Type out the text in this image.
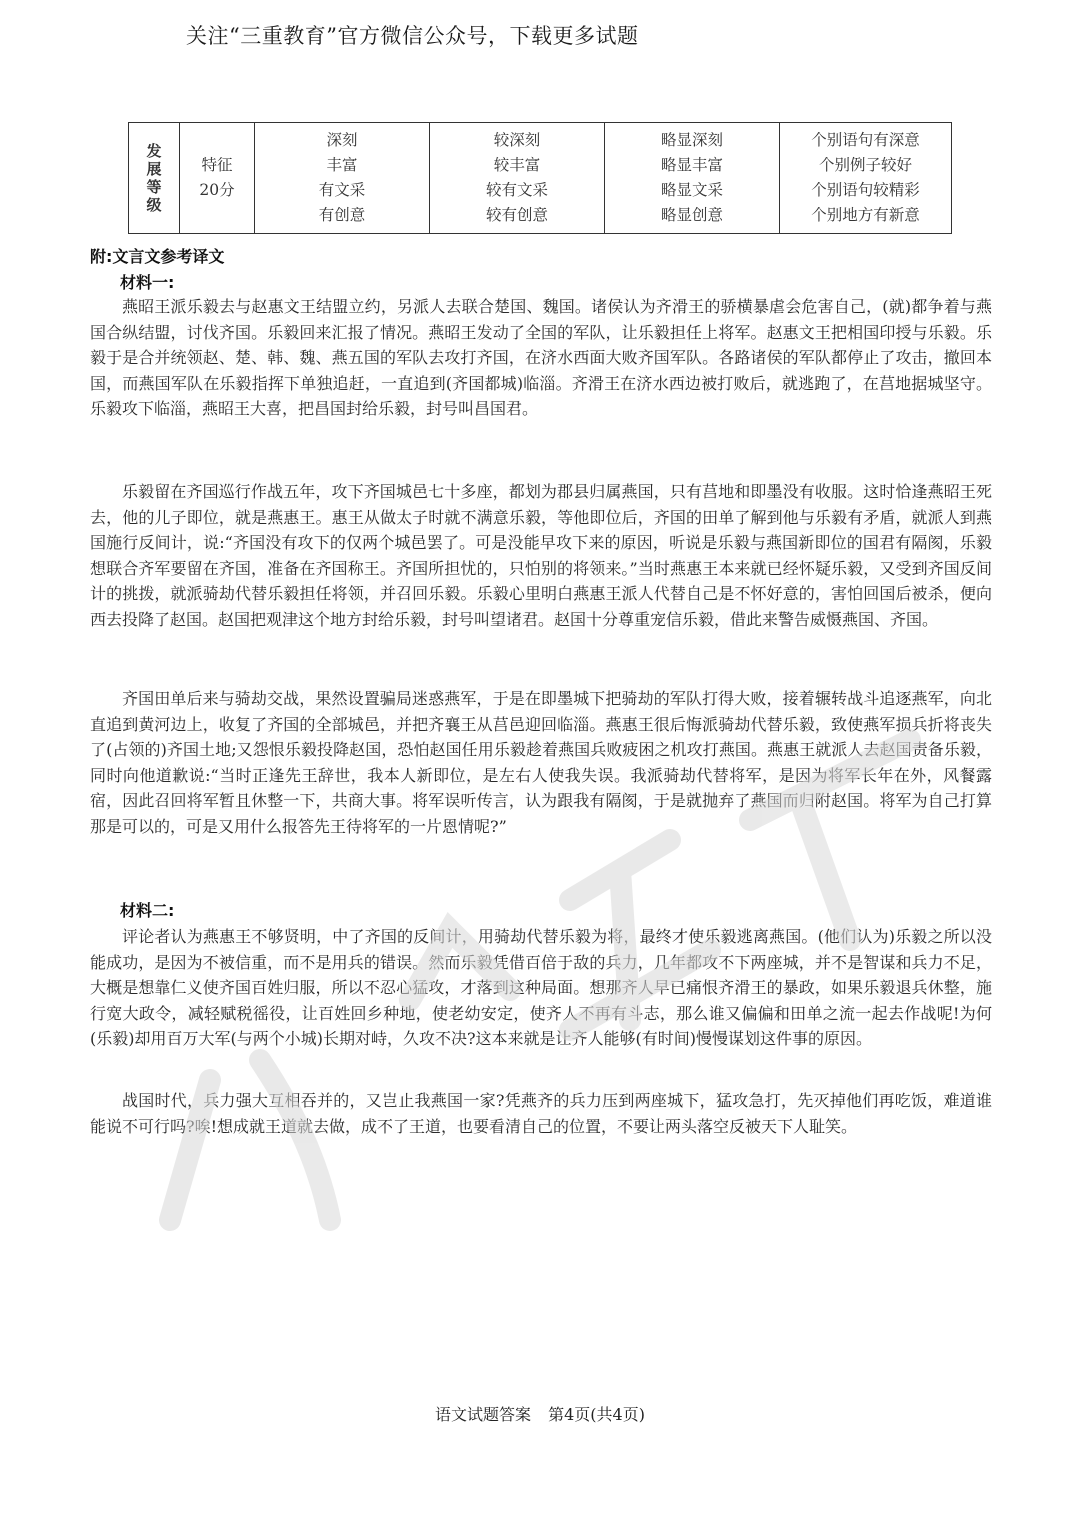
关注“三重教育”官方微信公众号，下载更多试题
发
展
等
级

特征
20分

深刻
丰富
有文采
有创意

较深刻
较丰富
较有文采
较有创意

略显深刻
略显丰富
略显文采
略显创意

个别语句有深意
个别例子较好
个别语句较精彩
个别地方有新意
附:文言文参考译文
材料一:

燕昭王派乐毅去与赵惠文王结盟立约，另派人去联合楚国、魏国。诸侯认为齐滑王的骄横暴虐会危害自己，(就)都争着与燕国合纵结盟，讨伐齐国。乐毅回来汇报了情况。燕昭王发动了全国的军队，让乐毅担任上将军。赵惠文王把相国印授与乐毅。乐毅于是合并统领赵、楚、韩、魏、燕五国的军队去攻打齐国，在济水西面大败齐国军队。各路诸侯的军队都停止了攻击，撤回本国，而燕国军队在乐毅指挥下单独追赶，一直追到(齐国都城)临淄。齐滑王在济水西边被打败后，就逃跑了，在莒地据城坚守。乐毅攻下临淄，燕昭王大喜，把昌国封给乐毅，封号叫昌国君。

乐毅留在齐国巡行作战五年，攻下齐国城邑七十多座，都划为郡县归属燕国，只有莒地和即墨没有收服。这时恰逢燕昭王死去，他的儿子即位，就是燕惠王。惠王从做太子时就不满意乐毅，等他即位后，齐国的田单了解到他与乐毅有矛盾，就派人到燕国施行反间计，说:“齐国没有攻下的仅两个城邑罢了。可是没能早攻下来的原因，听说是乐毅与燕国新即位的国君有隔阂，乐毅想联合齐军要留在齐国，准备在齐国称王。齐国所担忧的，只怕别的将领来。”当时燕惠王本来就已经怀疑乐毅，又受到齐国反间计的挑拨，就派骑劫代替乐毅担任将领，并召回乐毅。乐毅心里明白燕惠王派人代替自己是不怀好意的，害怕回国后被杀，便向西去投降了赵国。赵国把观津这个地方封给乐毅，封号叫望诸君。赵国十分尊重宠信乐毅，借此来警告威慑燕国、齐国。

齐国田单后来与骑劫交战，果然设置骗局迷惑燕军，于是在即墨城下把骑劫的军队打得大败，接着辗转战斗追逐燕军，向北直追到黄河边上，收复了齐国的全部城邑，并把齐襄王从莒邑迎回临淄。燕惠王很后悔派骑劫代替乐毅，致使燕军损兵折将丧失了(占领的)齐国土地;又怨恨乐毅投降赵国，恐怕赵国任用乐毅趁着燕国兵败疲困之机攻打燕国。燕惠王就派人去赵国责备乐毅，同时向他道歉说:“当时正逢先王辞世，我本人新即位，是左右人使我失误。我派骑劫代替将军，是因为将军长年在外，风餐露宿，因此召回将军暂且休整一下，共商大事。将军误听传言，认为跟我有隔阂，于是就抛弃了燕国而归附赵国。将军为自己打算那是可以的，可是又用什么报答先王待将军的一片恩情呢?”

材料二:

评论者认为燕惠王不够贤明，中了齐国的反间计，用骑劫代替乐毅为将，最终才使乐毅逃离燕国。(他们认为)乐毅之所以没能成功，是因为不被信重，而不是用兵的错误。然而乐毅凭借百倍于敌的兵力，几年都攻不下两座城，并不是智谋和兵力不足，大概是想靠仁义使齐国百姓归服，所以不忍心猛攻，才落到这种局面。想那齐人早已痛恨齐滑王的暴政，如果乐毅退兵休整，施行宽大政令，减轻赋税徭役，让百姓回乡种地，使老幼安定，使齐人不再有斗志，那么谁又偏偏和田单之流一起去作战呢!为何(乐毅)却用百万大军(与两个小城)长期对峙，久攻不决?这本来就是让齐人能够(有时间)慢慢谋划这件事的原因。

战国时代，兵力强大互相吞并的，又岂止我燕国一家?凭燕齐的兵力压到两座城下，猛攻急打，先灭掉他们再吃饭，难道谁能说不可行吗?唉!想成就王道就去做，成不了王道，也要看清自己的位置，不要让两头落空反被天下人耻笑。

语文试题答案 第4页(共4页)
